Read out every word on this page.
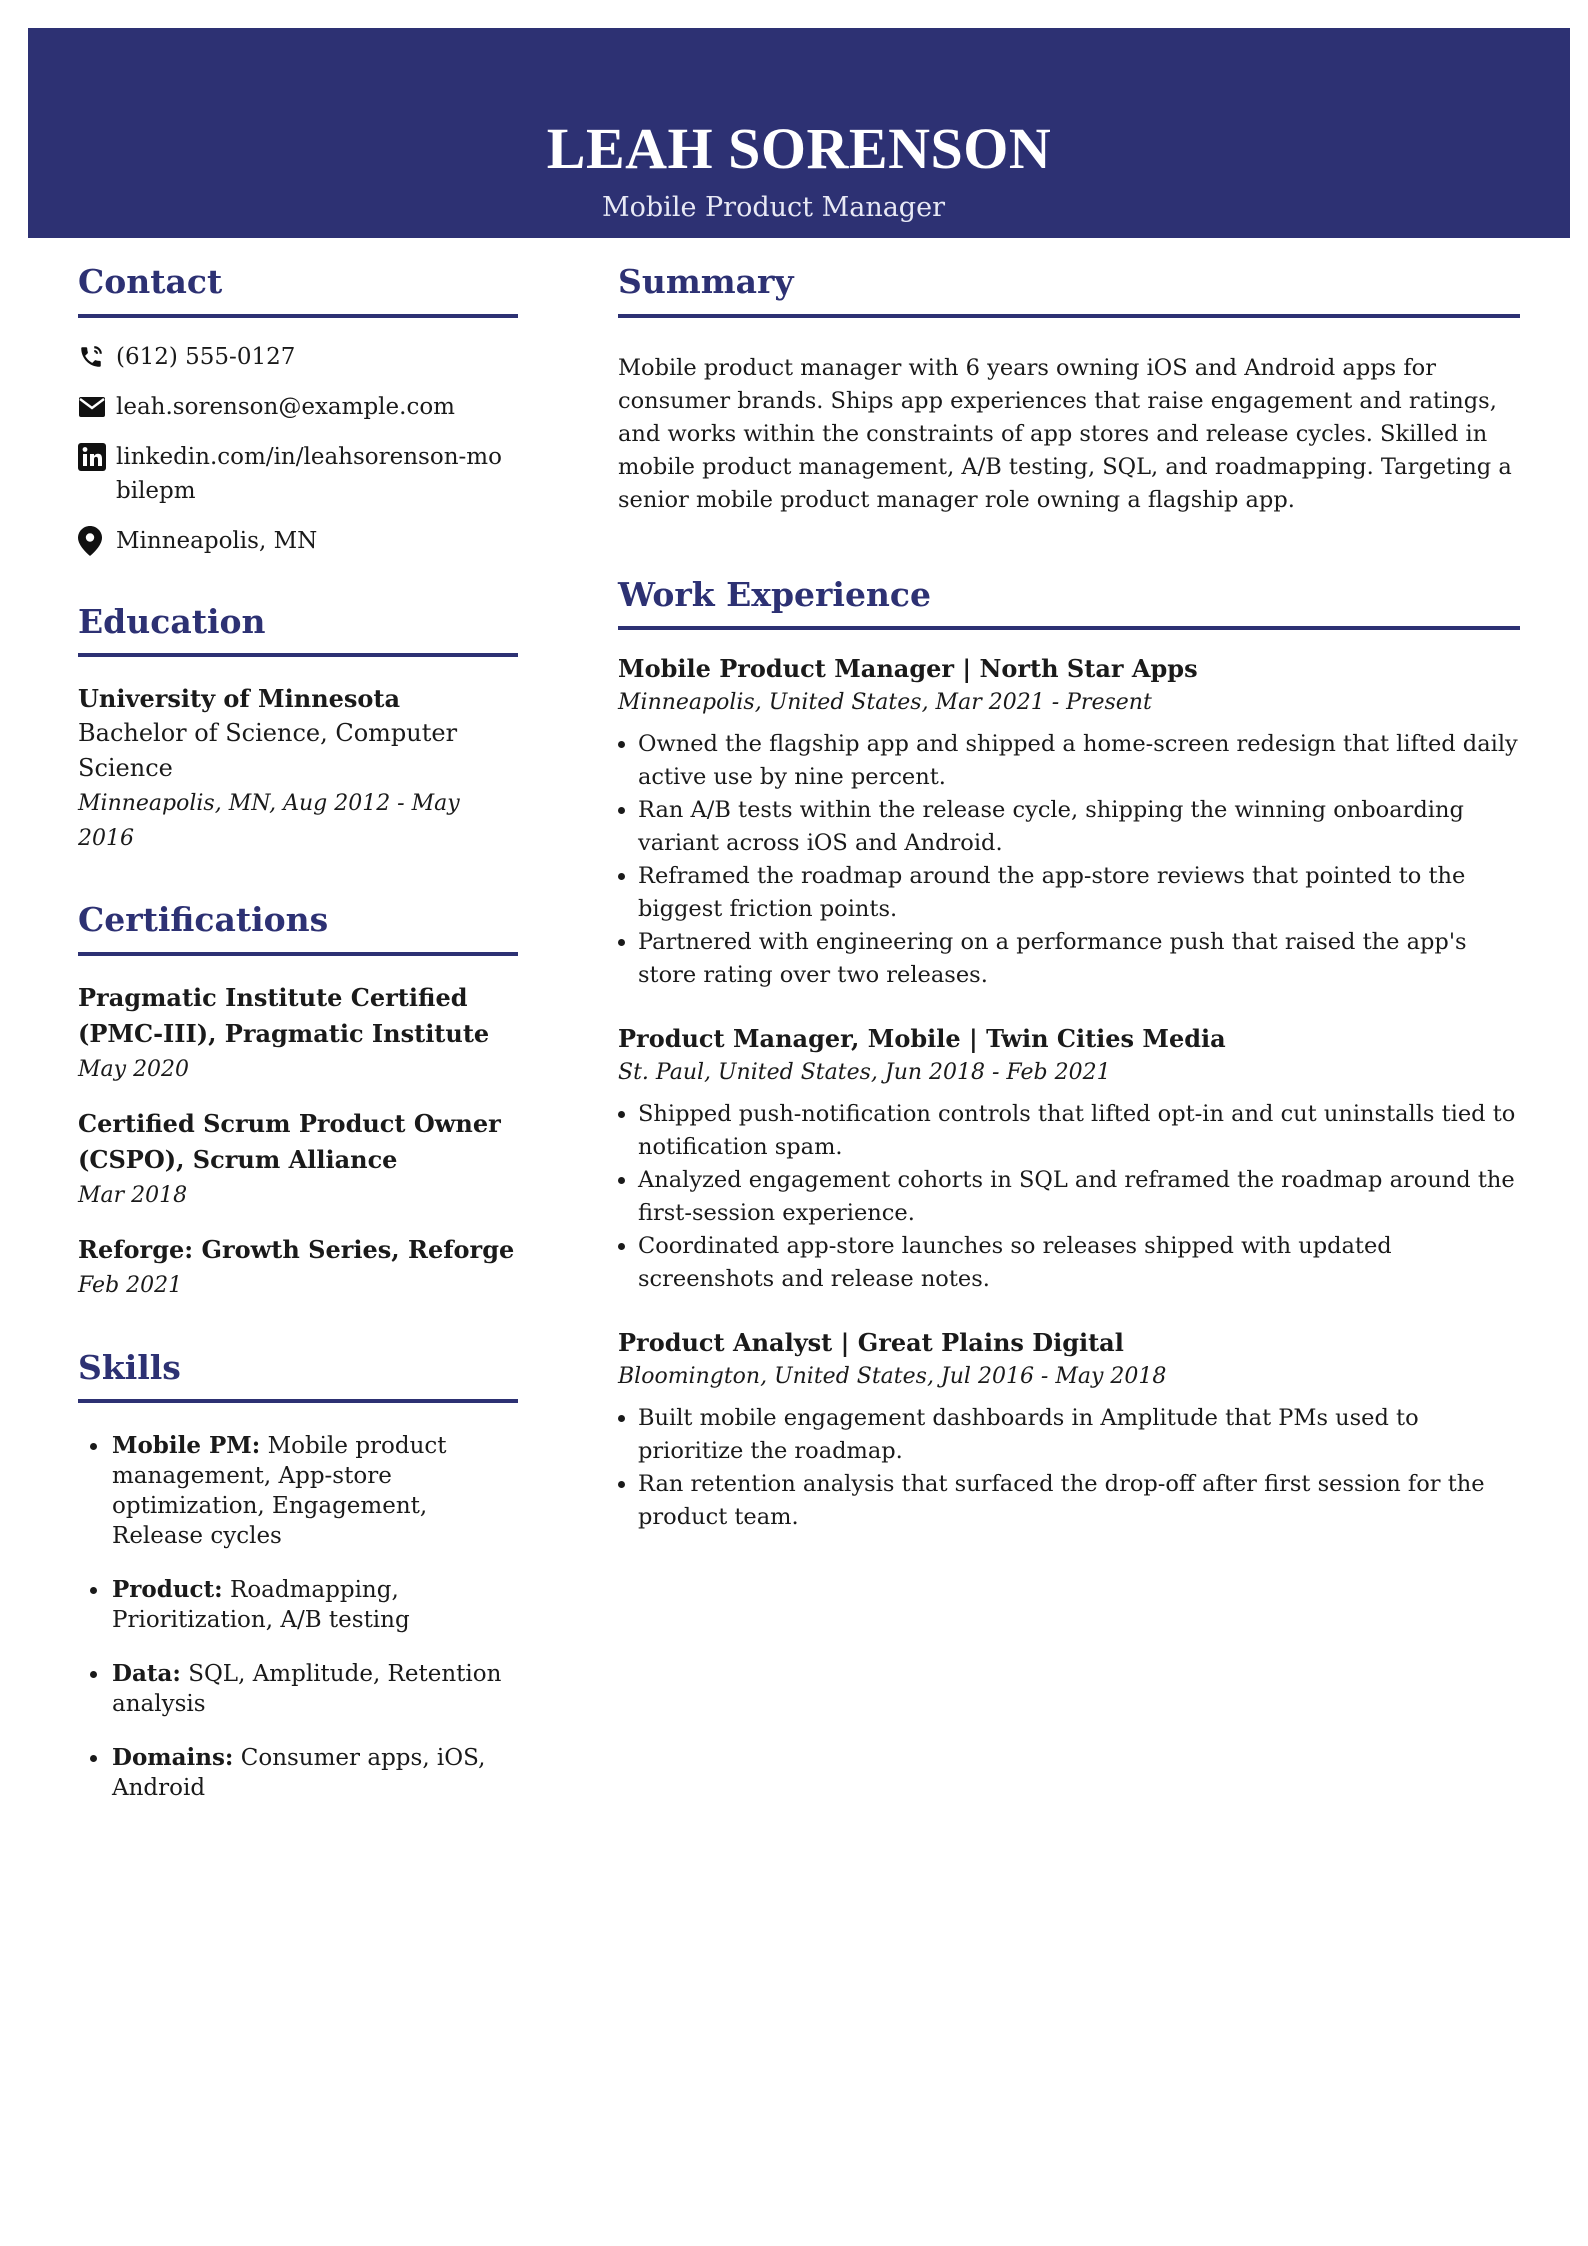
LEAH SORENSON
Mobile Product Manager
Contact
(612) 555-0127
leah.sorenson@example.com
linkedin.com/in/leahsorenson-mobilepm
Minneapolis, MN
Education
University of Minnesota
Bachelor of Science, Computer Science
Minneapolis, MN, Aug 2012 - May 2016
Certifications
Pragmatic Institute Certified (PMC-III), Pragmatic Institute
May 2020
Certified Scrum Product Owner (CSPO), Scrum Alliance
Mar 2018
Reforge: Growth Series, Reforge
Feb 2021
Skills
• Mobile PM: Mobile product management, App-store optimization, Engagement, Release cycles
• Product: Roadmapping, Prioritization, A/B testing
• Data: SQL, Amplitude, Retention analysis
• Domains: Consumer apps, iOS, Android
Summary
Mobile product manager with 6 years owning iOS and Android apps for consumer brands. Ships app experiences that raise engagement and ratings, and works within the constraints of app stores and release cycles. Skilled in mobile product management, A/B testing, SQL, and roadmapping. Targeting a senior mobile product manager role owning a flagship app.
Work Experience
Mobile Product Manager | North Star Apps
Minneapolis, United States, Mar 2021 - Present
• Owned the flagship app and shipped a home-screen redesign that lifted daily active use by nine percent.
• Ran A/B tests within the release cycle, shipping the winning onboarding variant across iOS and Android.
• Reframed the roadmap around the app-store reviews that pointed to the biggest friction points.
• Partnered with engineering on a performance push that raised the app's store rating over two releases.
Product Manager, Mobile | Twin Cities Media
St. Paul, United States, Jun 2018 - Feb 2021
• Shipped push-notification controls that lifted opt-in and cut uninstalls tied to notification spam.
• Analyzed engagement cohorts in SQL and reframed the roadmap around the first-session experience.
• Coordinated app-store launches so releases shipped with updated screenshots and release notes.
Product Analyst | Great Plains Digital
Bloomington, United States, Jul 2016 - May 2018
• Built mobile engagement dashboards in Amplitude that PMs used to prioritize the roadmap.
• Ran retention analysis that surfaced the drop-off after first session for the product team.
